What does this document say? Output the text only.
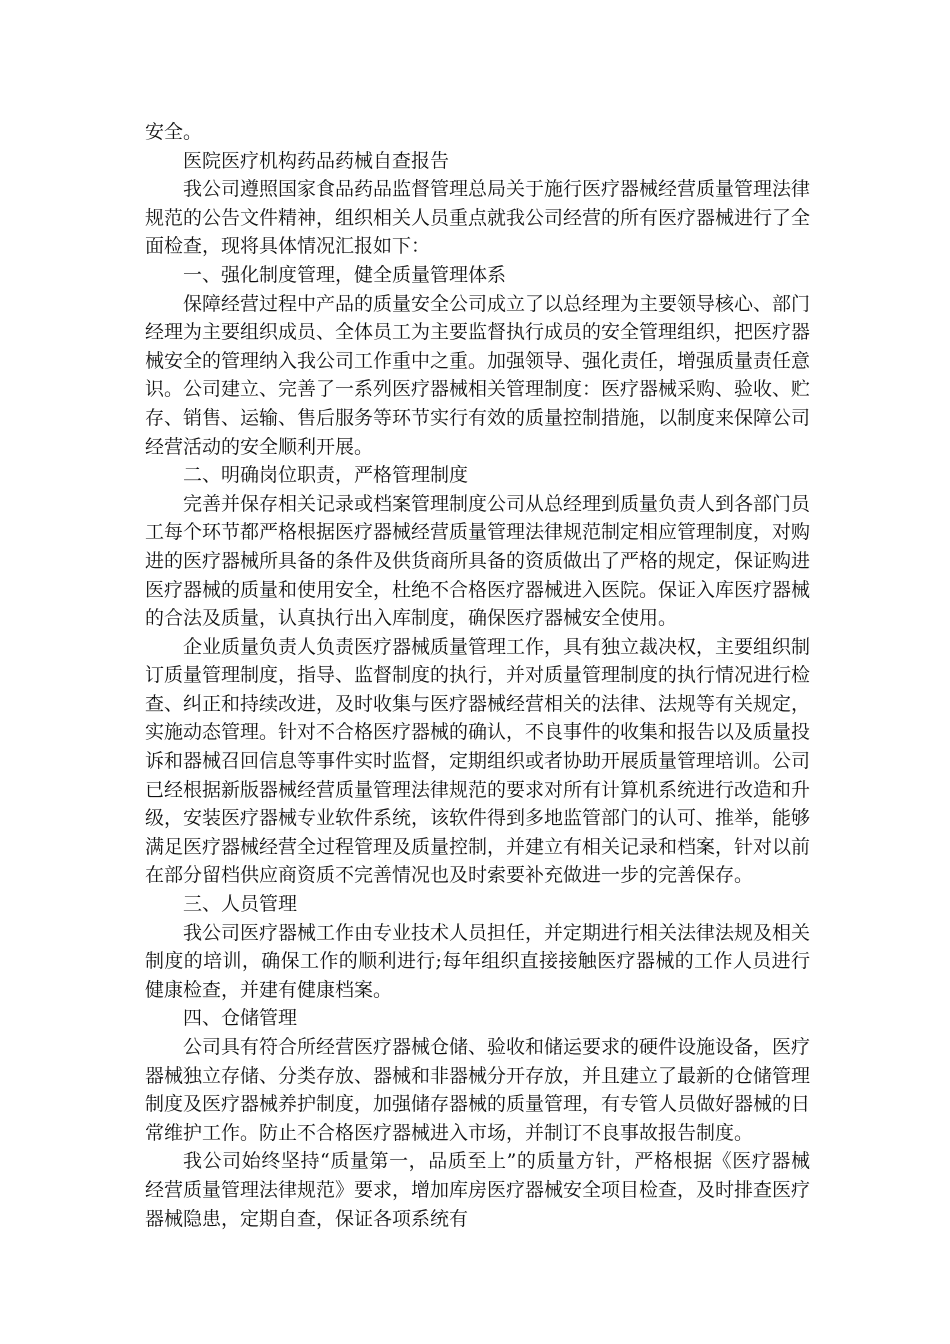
安全。

医院医疗机构药品药械自查报告

我公司遵照国家食品药品监督管理总局关于施行医疗器械经营质量管理法律规范的公告文件精神，组织相关人员重点就我公司经营的所有医疗器械进行了全面检查，现将具体情况汇报如下：

一、强化制度管理，健全质量管理体系

保障经营过程中产品的质量安全公司成立了以总经理为主要领导核心、部门经理为主要组织成员、全体员工为主要监督执行成员的安全管理组织，把医疗器械安全的管理纳入我公司工作重中之重。加强领导、强化责任，增强质量责任意识。公司建立、完善了一系列医疗器械相关管理制度：医疗器械采购、验收、贮存、销售、运输、售后服务等环节实行有效的质量控制措施，以制度来保障公司经营活动的安全顺利开展。

二、明确岗位职责，严格管理制度

完善并保存相关记录或档案管理制度公司从总经理到质量负责人到各部门员工每个环节都严格根据医疗器械经营质量管理法律规范制定相应管理制度，对购进的医疗器械所具备的条件及供货商所具备的资质做出了严格的规定，保证购进医疗器械的质量和使用安全，杜绝不合格医疗器械进入医院。保证入库医疗器械的合法及质量，认真执行出入库制度，确保医疗器械安全使用。

企业质量负责人负责医疗器械质量管理工作，具有独立裁决权，主要组织制订质量管理制度，指导、监督制度的执行，并对质量管理制度的执行情况进行检查、纠正和持续改进，及时收集与医疗器械经营相关的法律、法规等有关规定，实施动态管理。针对不合格医疗器械的确认，不良事件的收集和报告以及质量投诉和器械召回信息等事件实时监督，定期组织或者协助开展质量管理培训。公司已经根据新版器械经营质量管理法律规范的要求对所有计算机系统进行改造和升级，安装医疗器械专业软件系统，该软件得到多地监管部门的认可、推举，能够满足医疗器械经营全过程管理及质量控制，并建立有相关记录和档案，针对以前在部分留档供应商资质不完善情况也及时索要补充做进一步的完善保存。

三、人员管理

我公司医疗器械工作由专业技术人员担任，并定期进行相关法律法规及相关制度的培训，确保工作的顺利进行;每年组织直接接触医疗器械的工作人员进行健康检查，并建有健康档案。

四、仓储管理

公司具有符合所经营医疗器械仓储、验收和储运要求的硬件设施设备，医疗器械独立存储、分类存放、器械和非器械分开存放，并且建立了最新的仓储管理制度及医疗器械养护制度，加强储存器械的质量管理，有专管人员做好器械的日常维护工作。防止不合格医疗器械进入市场，并制订不良事故报告制度。

我公司始终坚持“质量第一，品质至上”的质量方针，严格根据《医疗器械经营质量管理法律规范》要求，增加库房医疗器械安全项目检查，及时排查医疗器械隐患，定期自查，保证各项系统有
